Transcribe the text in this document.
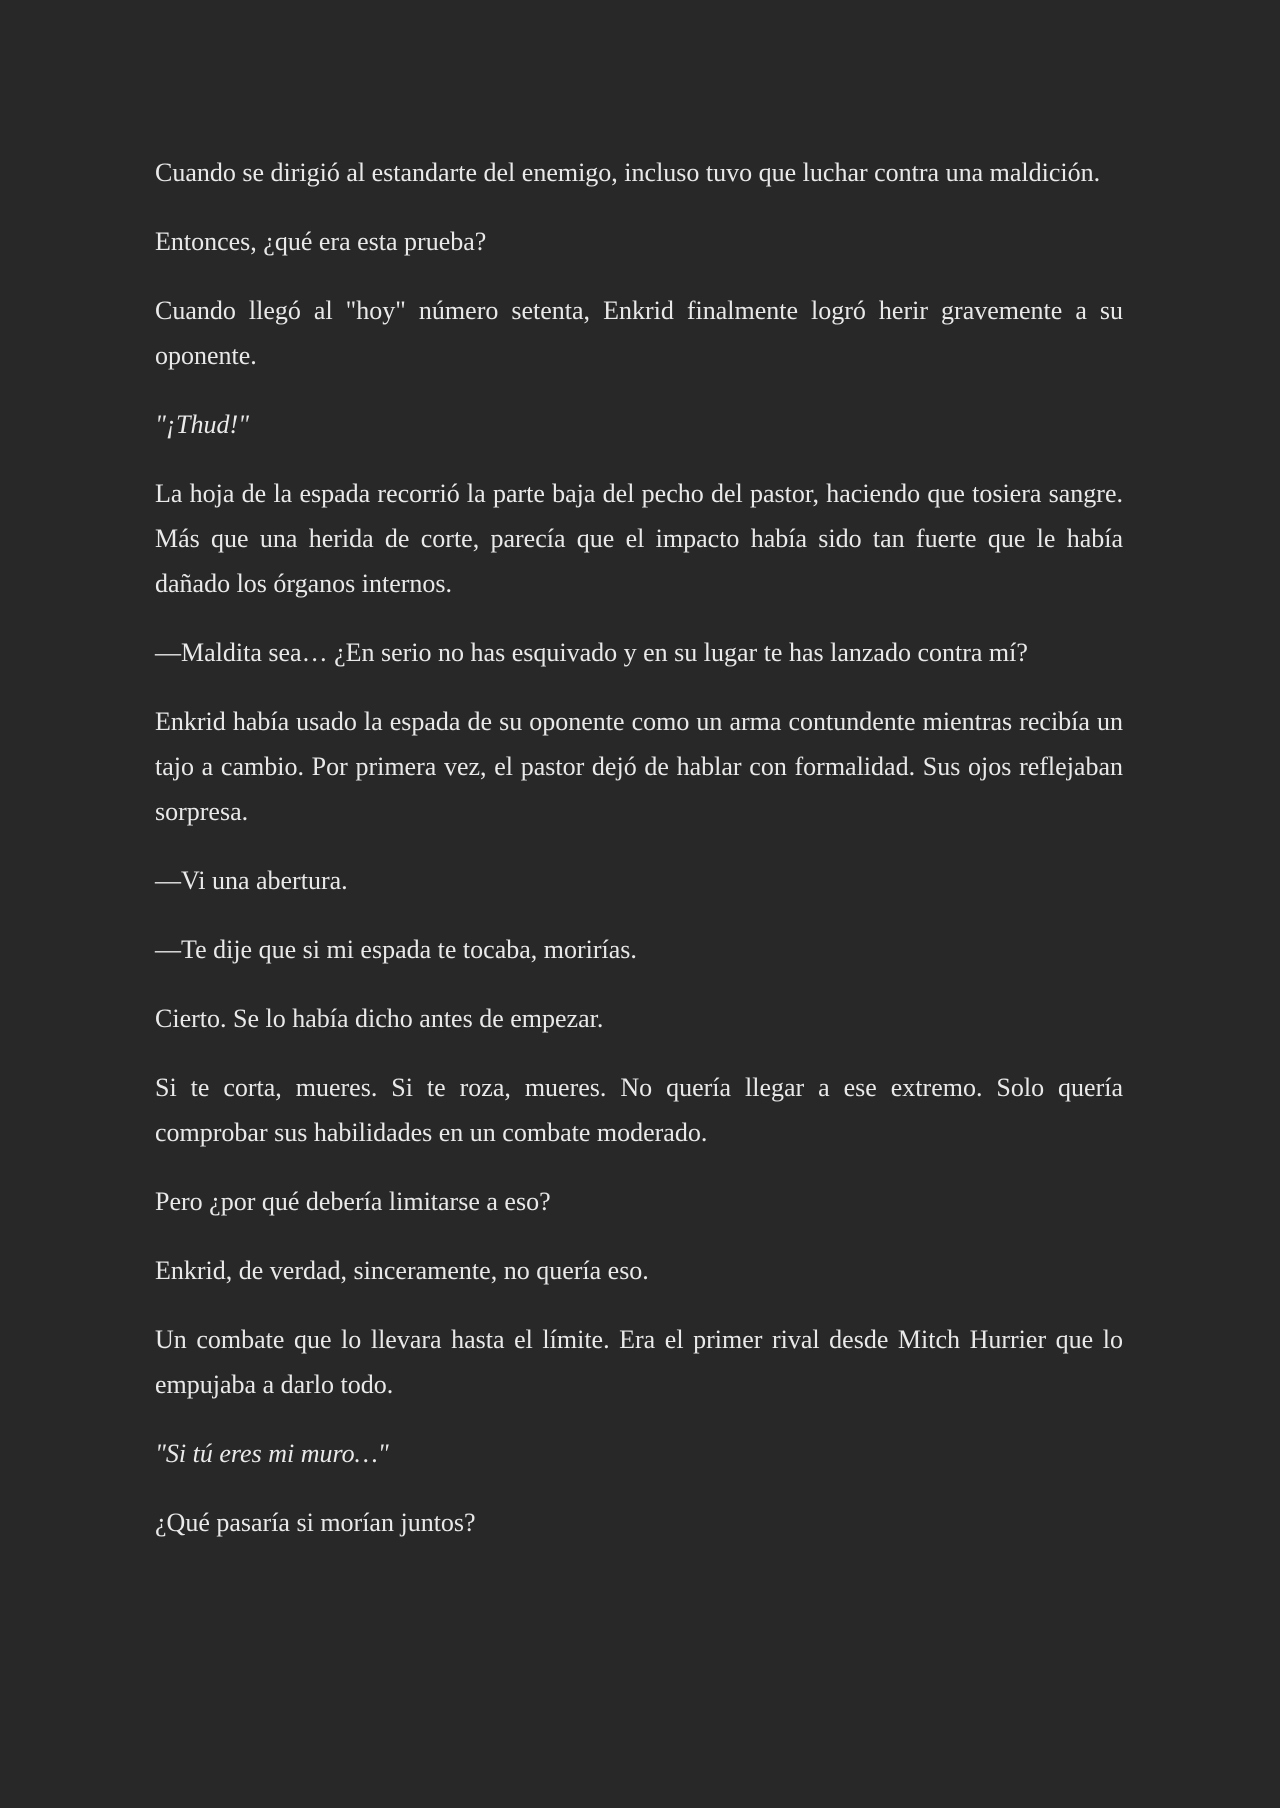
Cuando se dirigió al estandarte del enemigo, incluso tuvo que luchar contra una maldición.

Entonces, ¿qué era esta prueba?

Cuando llegó al "hoy" número setenta, Enkrid finalmente logró herir gravemente a su oponente.

"¡Thud!"

La hoja de la espada recorrió la parte baja del pecho del pastor, haciendo que tosiera sangre. Más que una herida de corte, parecía que el impacto había sido tan fuerte que le había dañado los órganos internos.

—Maldita sea… ¿En serio no has esquivado y en su lugar te has lanzado contra mí?

Enkrid había usado la espada de su oponente como un arma contundente mientras recibía un tajo a cambio. Por primera vez, el pastor dejó de hablar con formalidad. Sus ojos reflejaban sorpresa.

—Vi una abertura.

—Te dije que si mi espada te tocaba, morirías.

Cierto. Se lo había dicho antes de empezar.

Si te corta, mueres. Si te roza, mueres. No quería llegar a ese extremo. Solo quería comprobar sus habilidades en un combate moderado.

Pero ¿por qué debería limitarse a eso?

Enkrid, de verdad, sinceramente, no quería eso.

Un combate que lo llevara hasta el límite. Era el primer rival desde Mitch Hurrier que lo empujaba a darlo todo.

"Si tú eres mi muro…"

¿Qué pasaría si morían juntos?
